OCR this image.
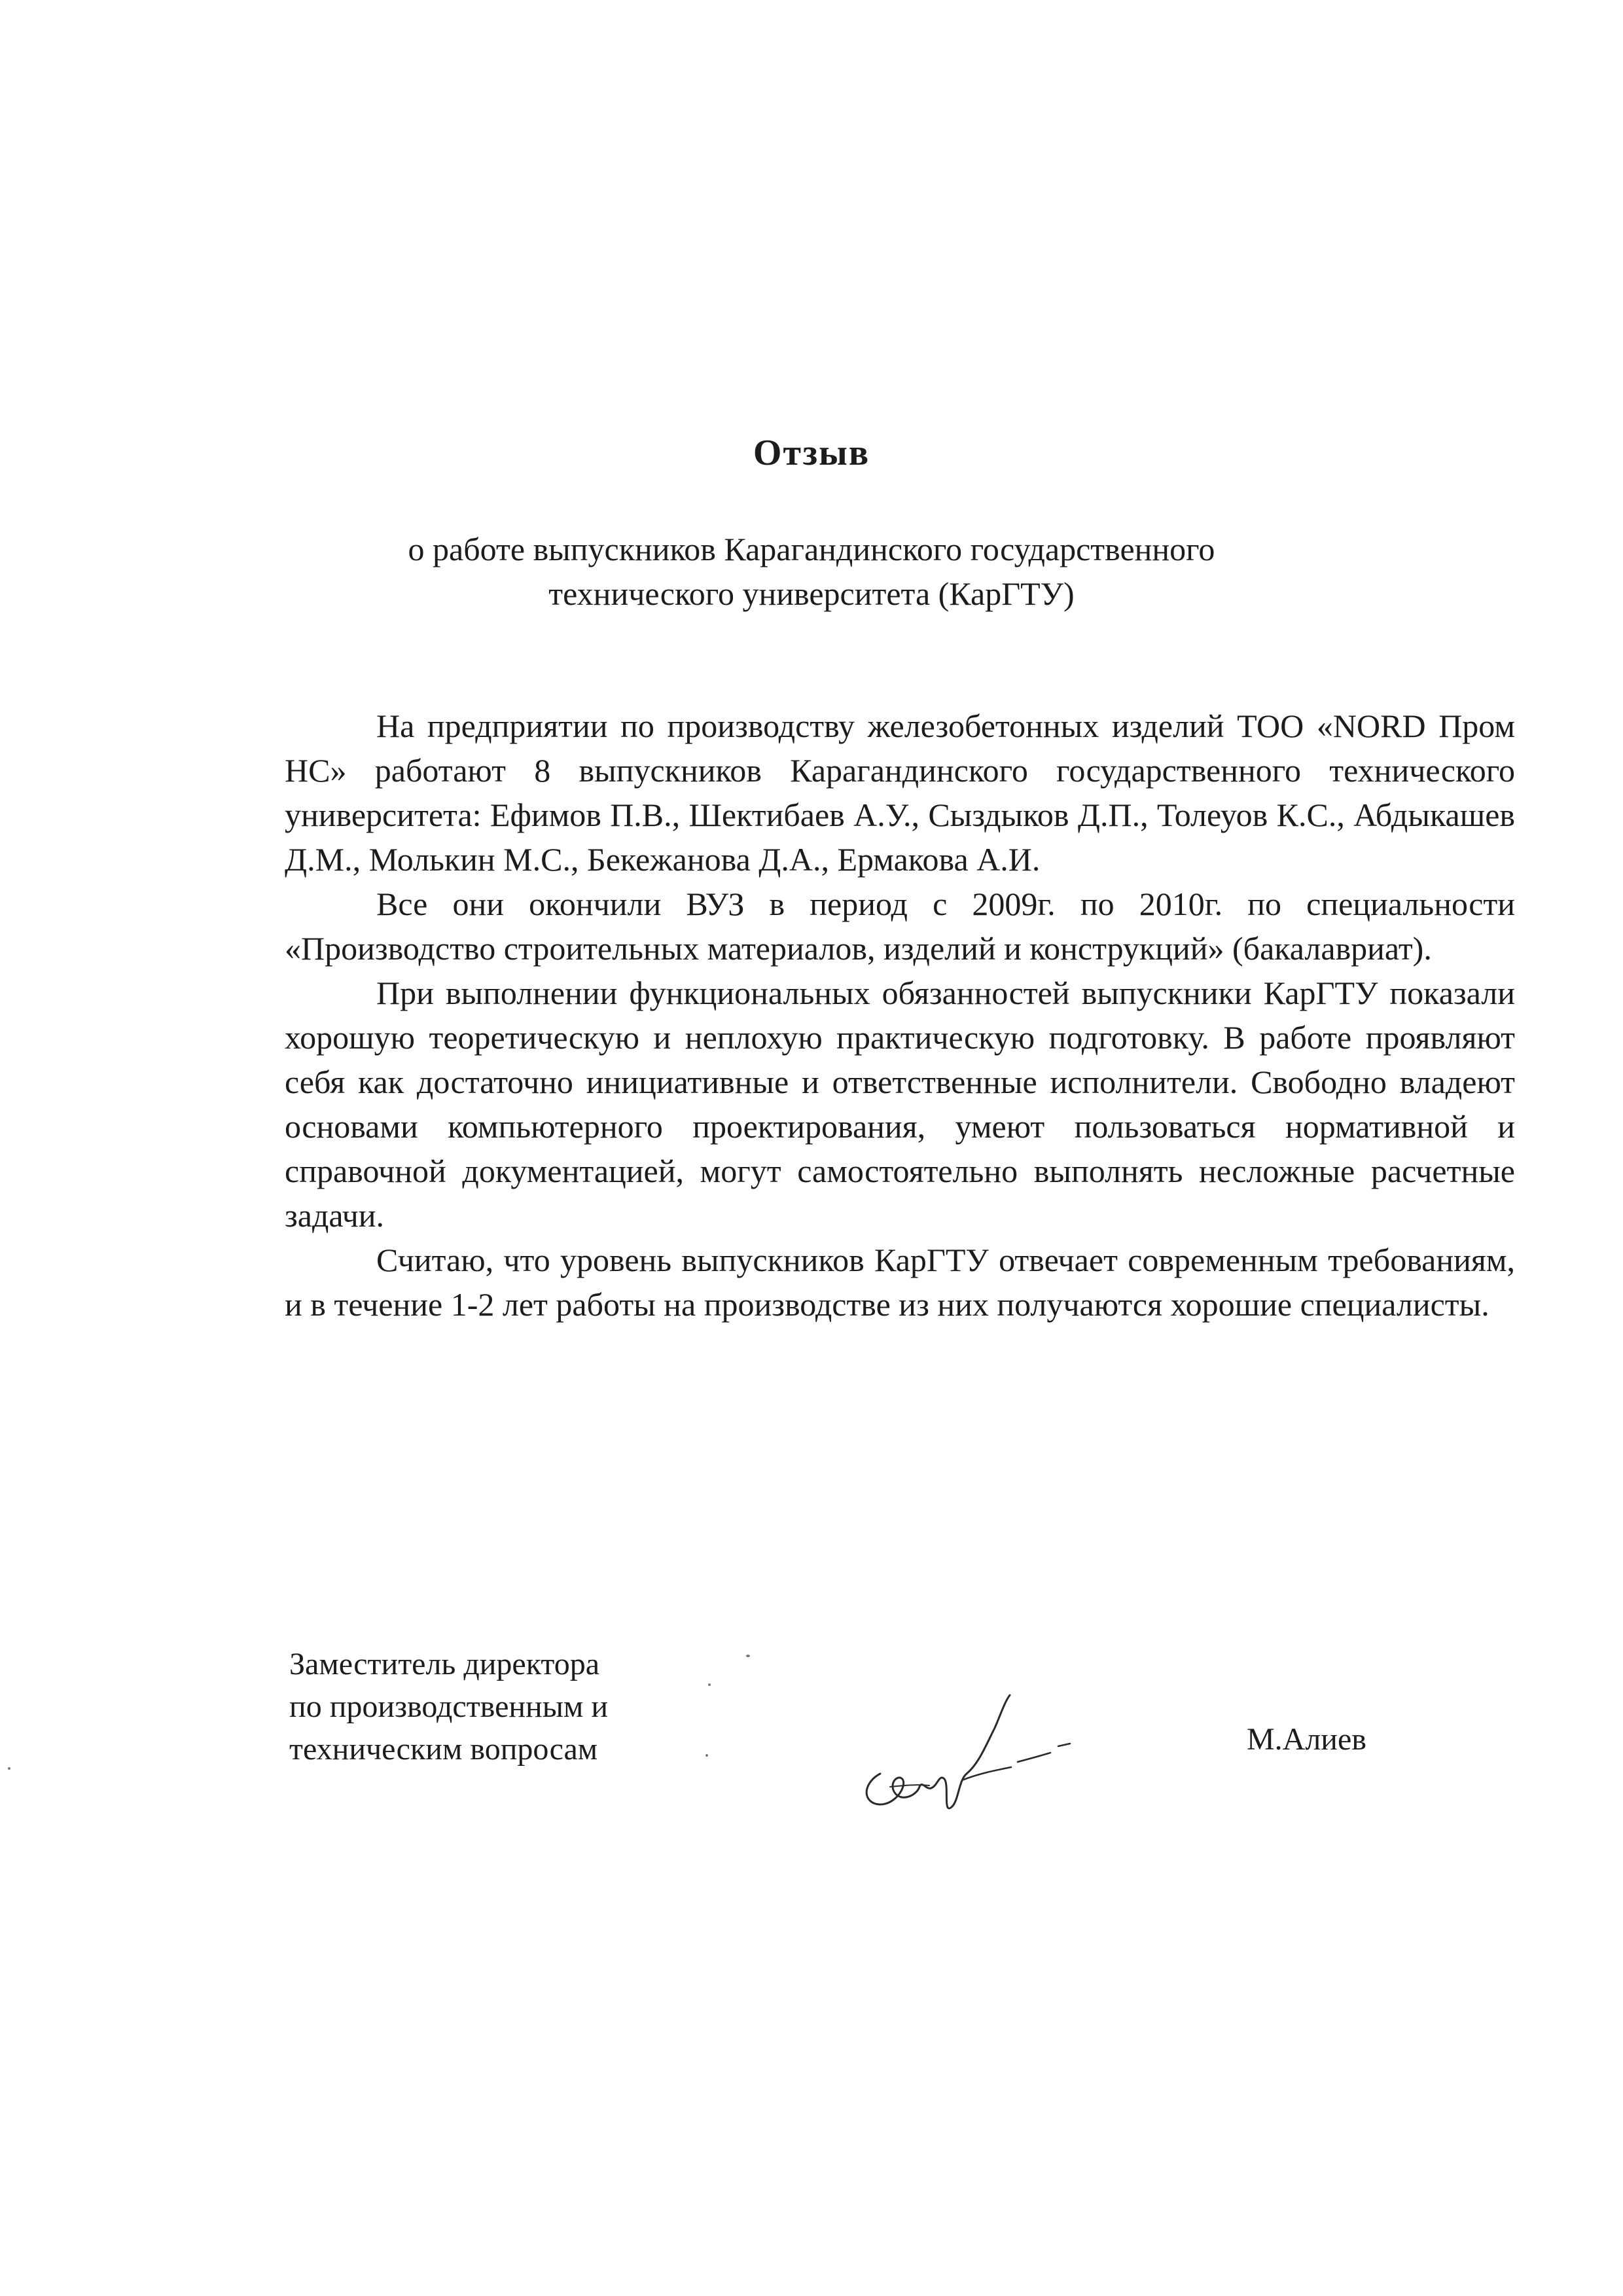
Отзыв
о работе выпускников Карагандинского государственного
технического университета (КарГТУ)

На предприятии по производству железобетонных изделий ТОО «NORD Пром НС» работают 8 выпускников Карагандинского государственного технического университета: Ефимов П.В., Шектибаев А.У., Сыздыков Д.П., Толеуов К.С., Абдыкашев Д.М., Молькин М.С., Бекежанова Д.А., Ермакова А.И.

Все они окончили ВУЗ в период с 2009г. по 2010г. по специальности «Производство строительных материалов, изделий и конструкций» (бакалавриат).

При выполнении функциональных обязанностей выпускники КарГТУ показали хорошую теоретическую и неплохую практическую подготовку. В работе проявляют себя как достаточно инициативные и ответственные исполнители. Свободно владеют основами компьютерного проектирования, умеют пользоваться нормативной и справочной документацией, могут самостоятельно выполнять несложные расчетные задачи.

Считаю, что уровень выпускников КарГТУ отвечает современным требованиям, и в течение 1-2 лет работы на производстве из них получаются хорошие специалисты.

Заместитель директора
по производственным и
техническим вопросам	М.Алиев
